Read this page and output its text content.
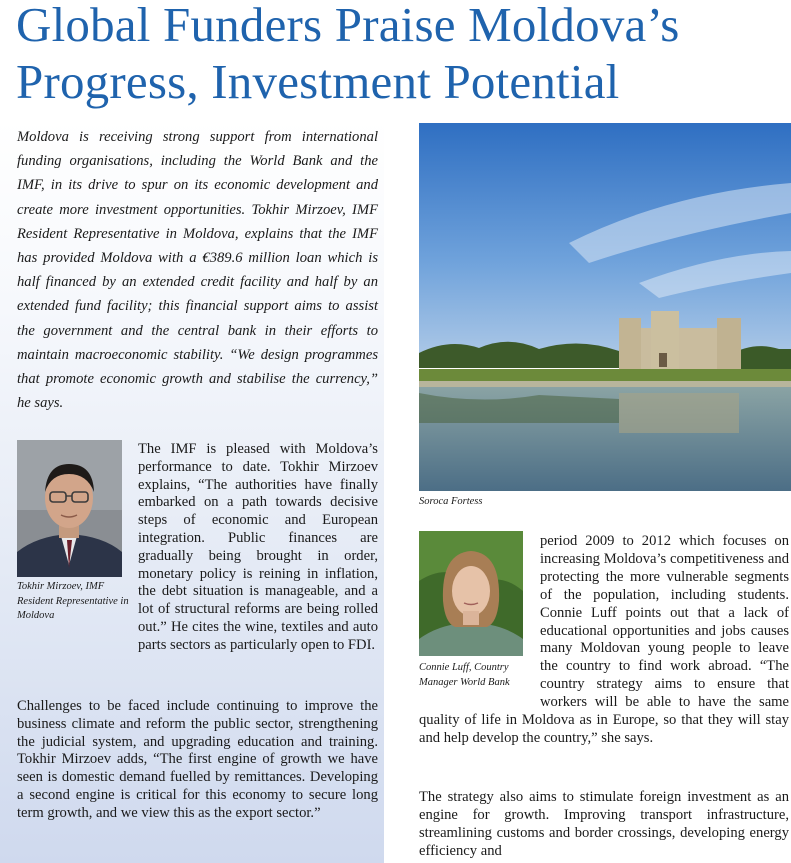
Global Funders Praise Moldova’s
Progress, Investment Potential

Moldova is receiving strong support from international funding organisations, including the World Bank and the IMF, in its drive to spur on its economic development and create more investment opportunities. Tokhir Mirzoev, IMF Resident Representative in Moldova, explains that the IMF has provided Moldova with a €389.6 million loan which is half financed by an extended credit facility and half by an extended fund facility; this financial support aims to assist the government and the central bank in their efforts to maintain macroeconomic stability. “We design programmes that promote economic growth and stabilise the currency,” he says.

Tokhir Mirzoev, IMF Resident Representative in Moldova

The IMF is pleased with Moldova’s performance to date. Tokhir Mirzoev explains, “The authorities have finally embarked on a path towards decisive steps of economic and European integration. Public finances are gradually being brought in order, monetary policy is reining in inflation, the debt situation is manageable, and a lot of structural reforms are being rolled out.” He cites the wine, textiles and auto parts sectors as particularly open to FDI.

Challenges to be faced include continuing to improve the business climate and reform the public sector, strengthening the judicial system, and upgrading education and training. Tokhir Mirzoev adds, “The first engine of growth we have seen is domestic demand fuelled by remittances. Developing a second engine is critical for this economy to secure long term growth, and we view this as the export sector.”

Soroca Fortess
Connie Luff, Country Manager World Bank

period 2009 to 2012 which focuses on increasing Moldova’s competitiveness and protecting the more vulnerable segments of the population, including students. Connie Luff points out that a lack of educational opportunities and jobs causes many Moldovan young people to leave the country to find work abroad. “The country strategy aims to ensure that workers will be able to have the same quality of life in Moldova as in Europe, so that they will stay and help develop the country,” she says.

The strategy also aims to stimulate foreign investment as an engine for growth. Improving transport infrastructure, streamlining customs and border crossings, developing energy efficiency and
